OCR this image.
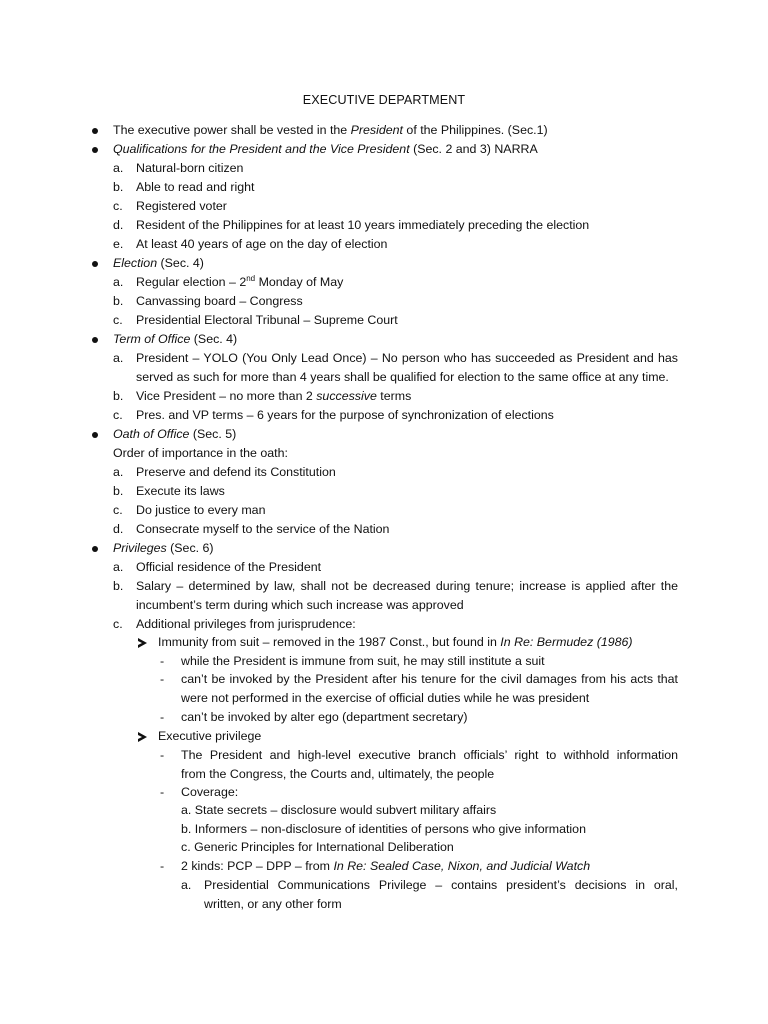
EXECUTIVE DEPARTMENT
The executive power shall be vested in the President of the Philippines. (Sec.1)
Qualifications for the President and the Vice President (Sec. 2 and 3) NARRA
a. Natural-born citizen
b. Able to read and right
c. Registered voter
d. Resident of the Philippines for at least 10 years immediately preceding the election
e. At least 40 years of age on the day of election
Election (Sec. 4)
a. Regular election – 2nd Monday of May
b. Canvassing board – Congress
c. Presidential Electoral Tribunal – Supreme Court
Term of Office (Sec. 4)
a. President – YOLO (You Only Lead Once) – No person who has succeeded as President and has
served as such for more than 4 years shall be qualified for election to the same office at any time.
b. Vice President – no more than 2 successive terms
c. Pres. and VP terms – 6 years for the purpose of synchronization of elections
Oath of Office (Sec. 5)
Order of importance in the oath:
a. Preserve and defend its Constitution
b. Execute its laws
c. Do justice to every man
d. Consecrate myself to the service of the Nation
Privileges (Sec. 6)
a. Official residence of the President
b. Salary – determined by law, shall not be decreased during tenure; increase is applied after the
incumbent’s term during which such increase was approved
c. Additional privileges from jurisprudence:
Immunity from suit – removed in the 1987 Const., but found in In Re: Bermudez (1986)
- while the President is immune from suit, he may still institute a suit
- can’t be invoked by the President after his tenure for the civil damages from his acts that
were not performed in the exercise of official duties while he was president
- can’t be invoked by alter ego (department secretary)
Executive privilege
- The President and high-level executive branch officials’ right to withhold information
from the Congress, the Courts and, ultimately, the people
- Coverage:
a. State secrets – disclosure would subvert military affairs
b. Informers – non-disclosure of identities of persons who give information
c. Generic Principles for International Deliberation
- 2 kinds: PCP – DPP – from In Re: Sealed Case, Nixon, and Judicial Watch
a. Presidential Communications Privilege – contains president’s decisions in oral,
written, or any other form
